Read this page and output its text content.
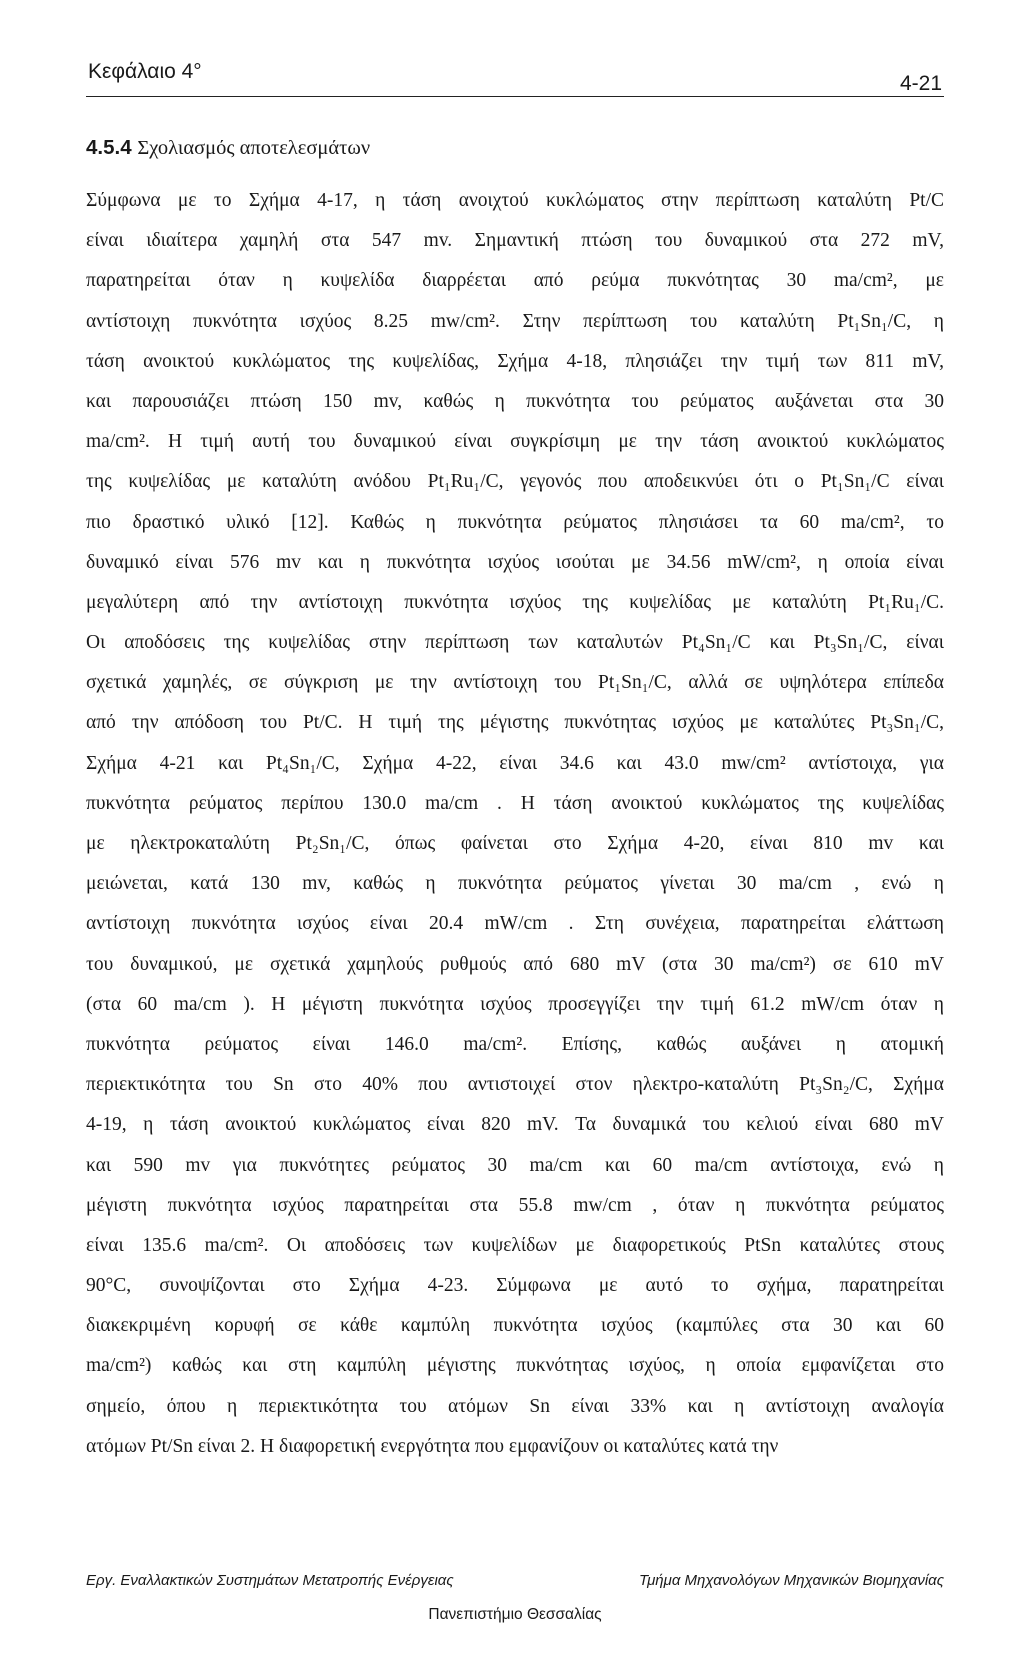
Κεφάλαιο 4°
4-21
4.5.4 Σχολιασμός αποτελεσμάτων
Σύμφωνα με το Σχήμα 4-17, η τάση ανοιχτού κυκλώματος στην περίπτωση καταλύτη Pt/C
είναι ιδιαίτερα χαμηλή στα 547 mv. Σημαντική πτώση του δυναμικού στα 272 mV,
παρατηρείται όταν η κυψελίδα διαρρέεται από ρεύμα πυκνότητας 30 ma/cm², με
αντίστοιχη πυκνότητα ισχύος 8.25 mw/cm². Στην περίπτωση του καταλύτη Pt₁Sn₁/C, η
τάση ανοικτού κυκλώματος της κυψελίδας, Σχήμα 4-18, πλησιάζει την τιμή των 811 mV,
και παρουσιάζει πτώση 150 mv, καθώς η πυκνότητα του ρεύματος αυξάνεται στα 30
ma/cm². Η τιμή αυτή του δυναμικού είναι συγκρίσιμη με την τάση ανοικτού κυκλώματος
της κυψελίδας με καταλύτη ανόδου Pt₁Ru₁/C, γεγονός που αποδεικνύει ότι ο Pt₁Sn₁/C είναι
πιο δραστικό υλικό [12]. Καθώς η πυκνότητα ρεύματος πλησιάσει τα 60 ma/cm², το
δυναμικό είναι 576 mv και η πυκνότητα ισχύος ισούται με 34.56 mW/cm², η οποία είναι
μεγαλύτερη από την αντίστοιχη πυκνότητα ισχύος της κυψελίδας με καταλύτη Pt₁Ru₁/C.
Οι αποδόσεις της κυψελίδας στην περίπτωση των καταλυτών Pt₄Sn₁/C και Pt₃Sn₁/C, είναι
σχετικά χαμηλές, σε σύγκριση με την αντίστοιχη του Pt₁Sn₁/C, αλλά σε υψηλότερα επίπεδα
από την απόδοση του Pt/C. Η τιμή της μέγιστης πυκνότητας ισχύος με καταλύτες Pt₃Sn₁/C,
Σχήμα 4-21 και Pt₄Sn₁/C, Σχήμα 4-22, είναι 34.6 και 43.0 mw/cm² αντίστοιχα, για
πυκνότητα ρεύματος περίπου 130.0 ma/cm . Η τάση ανοικτού κυκλώματος της κυψελίδας
με ηλεκτροκαταλύτη Pt₂Sn₁/C, όπως φαίνεται στο Σχήμα 4-20, είναι 810 mv και
μειώνεται, κατά 130 mv, καθώς η πυκνότητα ρεύματος γίνεται 30 ma/cm , ενώ η
αντίστοιχη πυκνότητα ισχύος είναι 20.4 mW/cm . Στη συνέχεια, παρατηρείται ελάττωση
του δυναμικού, με σχετικά χαμηλούς ρυθμούς από 680 mV (στα 30 ma/cm²) σε 610 mV
(στα 60 ma/cm ). Η μέγιστη πυκνότητα ισχύος προσεγγίζει την τιμή 61.2 mW/cm όταν η
πυκνότητα ρεύματος είναι 146.0 ma/cm². Επίσης, καθώς αυξάνει η ατομική
περιεκτικότητα του Sn στο 40% που αντιστοιχεί στον ηλεκτρο-καταλύτη Pt₃Sn₂/C, Σχήμα
4-19, η τάση ανοικτού κυκλώματος είναι 820 mV. Τα δυναμικά του κελιού είναι 680 mV
και 590 mv για πυκνότητες ρεύματος 30 ma/cm και 60 ma/cm αντίστοιχα, ενώ η
μέγιστη πυκνότητα ισχύος παρατηρείται στα 55.8 mw/cm , όταν η πυκνότητα ρεύματος
είναι 135.6 ma/cm². Οι αποδόσεις των κυψελίδων με διαφορετικούς PtSn καταλύτες στους
90°C, συνοψίζονται στο Σχήμα 4-23. Σύμφωνα με αυτό το σχήμα, παρατηρείται
διακεκριμένη κορυφή σε κάθε καμπύλη πυκνότητα ισχύος (καμπύλες στα 30 και 60
ma/cm²) καθώς και στη καμπύλη μέγιστης πυκνότητας ισχύος, η οποία εμφανίζεται στο
σημείο, όπου η περιεκτικότητα του ατόμων Sn είναι 33% και η αντίστοιχη αναλογία
ατόμων Pt/Sn είναι 2. Η διαφορετική ενεργότητα που εμφανίζουν οι καταλύτες κατά την
Εργ. Εναλλακτικών Συστημάτων Μετατροπής Ενέργειας	Τμήμα Μηχανολόγων Μηχανικών Βιομηχανίας
Πανεπιστήμιο Θεσσαλίας
